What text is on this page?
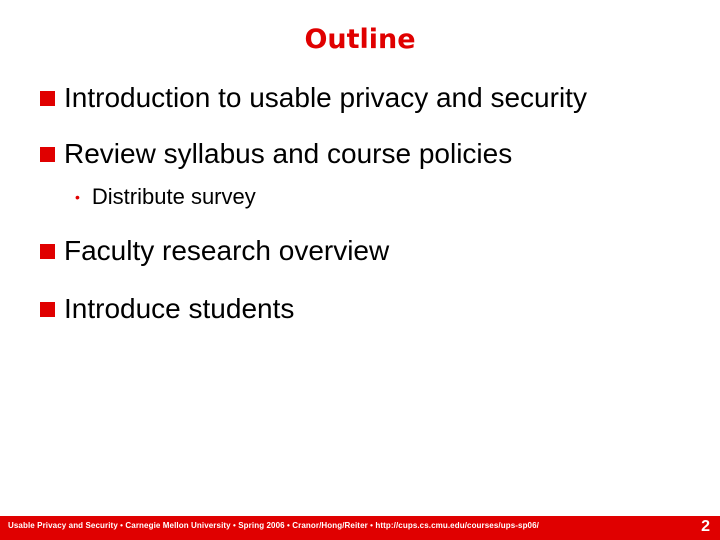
Outline
Introduction to usable privacy and security
Review syllabus and course policies
• Distribute survey
Faculty research overview
Introduce students
Usable Privacy and Security • Carnegie Mellon University • Spring 2006 • Cranor/Hong/Reiter • http://cups.cs.cmu.edu/courses/ups-sp06/	2
